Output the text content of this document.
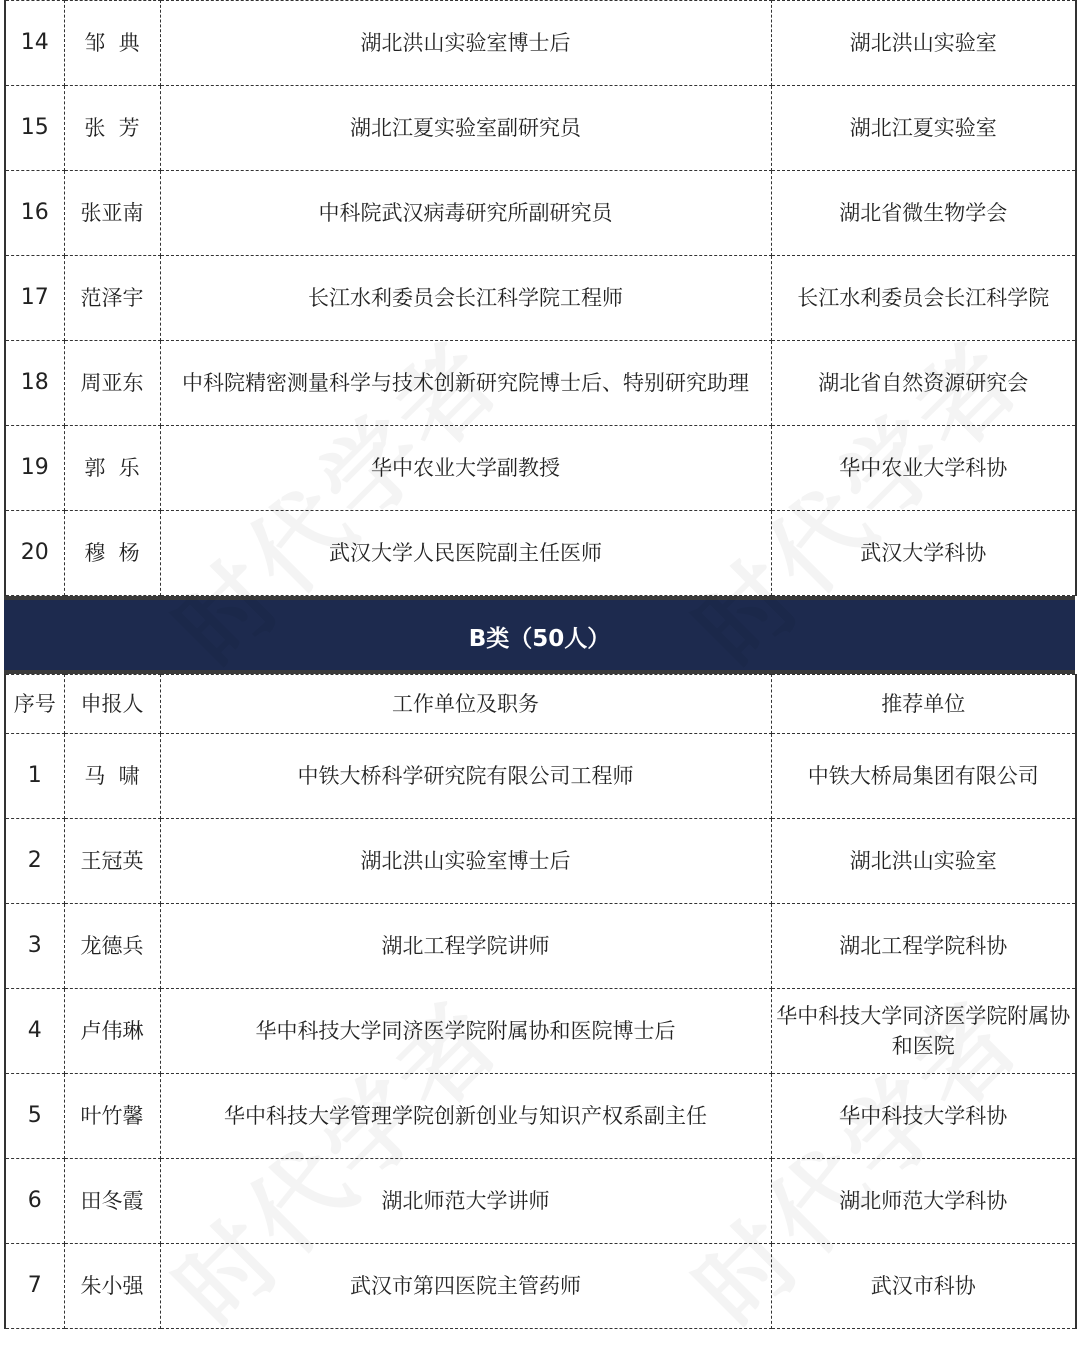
14	邹  典	湖北洪山实验室博士后	湖北洪山实验室
15	张  芳	湖北江夏实验室副研究员	湖北江夏实验室
16	张亚南	中科院武汉病毒研究所副研究员	湖北省微生物学会
17	范泽宇	长江水利委员会长江科学院工程师	长江水利委员会长江科学院
18	周亚东	中科院精密测量科学与技术创新研究院博士后、特别研究助理	湖北省自然资源研究会
19	郭  乐	华中农业大学副教授	华中农业大学科协
20	穆  杨	武汉大学人民医院副主任医师	武汉大学科协
B类（50人）
序号	申报人	工作单位及职务	推荐单位
1	马  啸	中铁大桥科学研究院有限公司工程师	中铁大桥局集团有限公司
2	王冠英	湖北洪山实验室博士后	湖北洪山实验室
3	龙德兵	湖北工程学院讲师	湖北工程学院科协
4	卢伟琳	华中科技大学同济医学院附属协和医院博士后	华中科技大学同济医学院附属协和医院
5	叶竹馨	华中科技大学管理学院创新创业与知识产权系副主任	华中科技大学科协
6	田冬霞	湖北师范大学讲师	湖北师范大学科协
7	朱小强	武汉市第四医院主管药师	武汉市科协
